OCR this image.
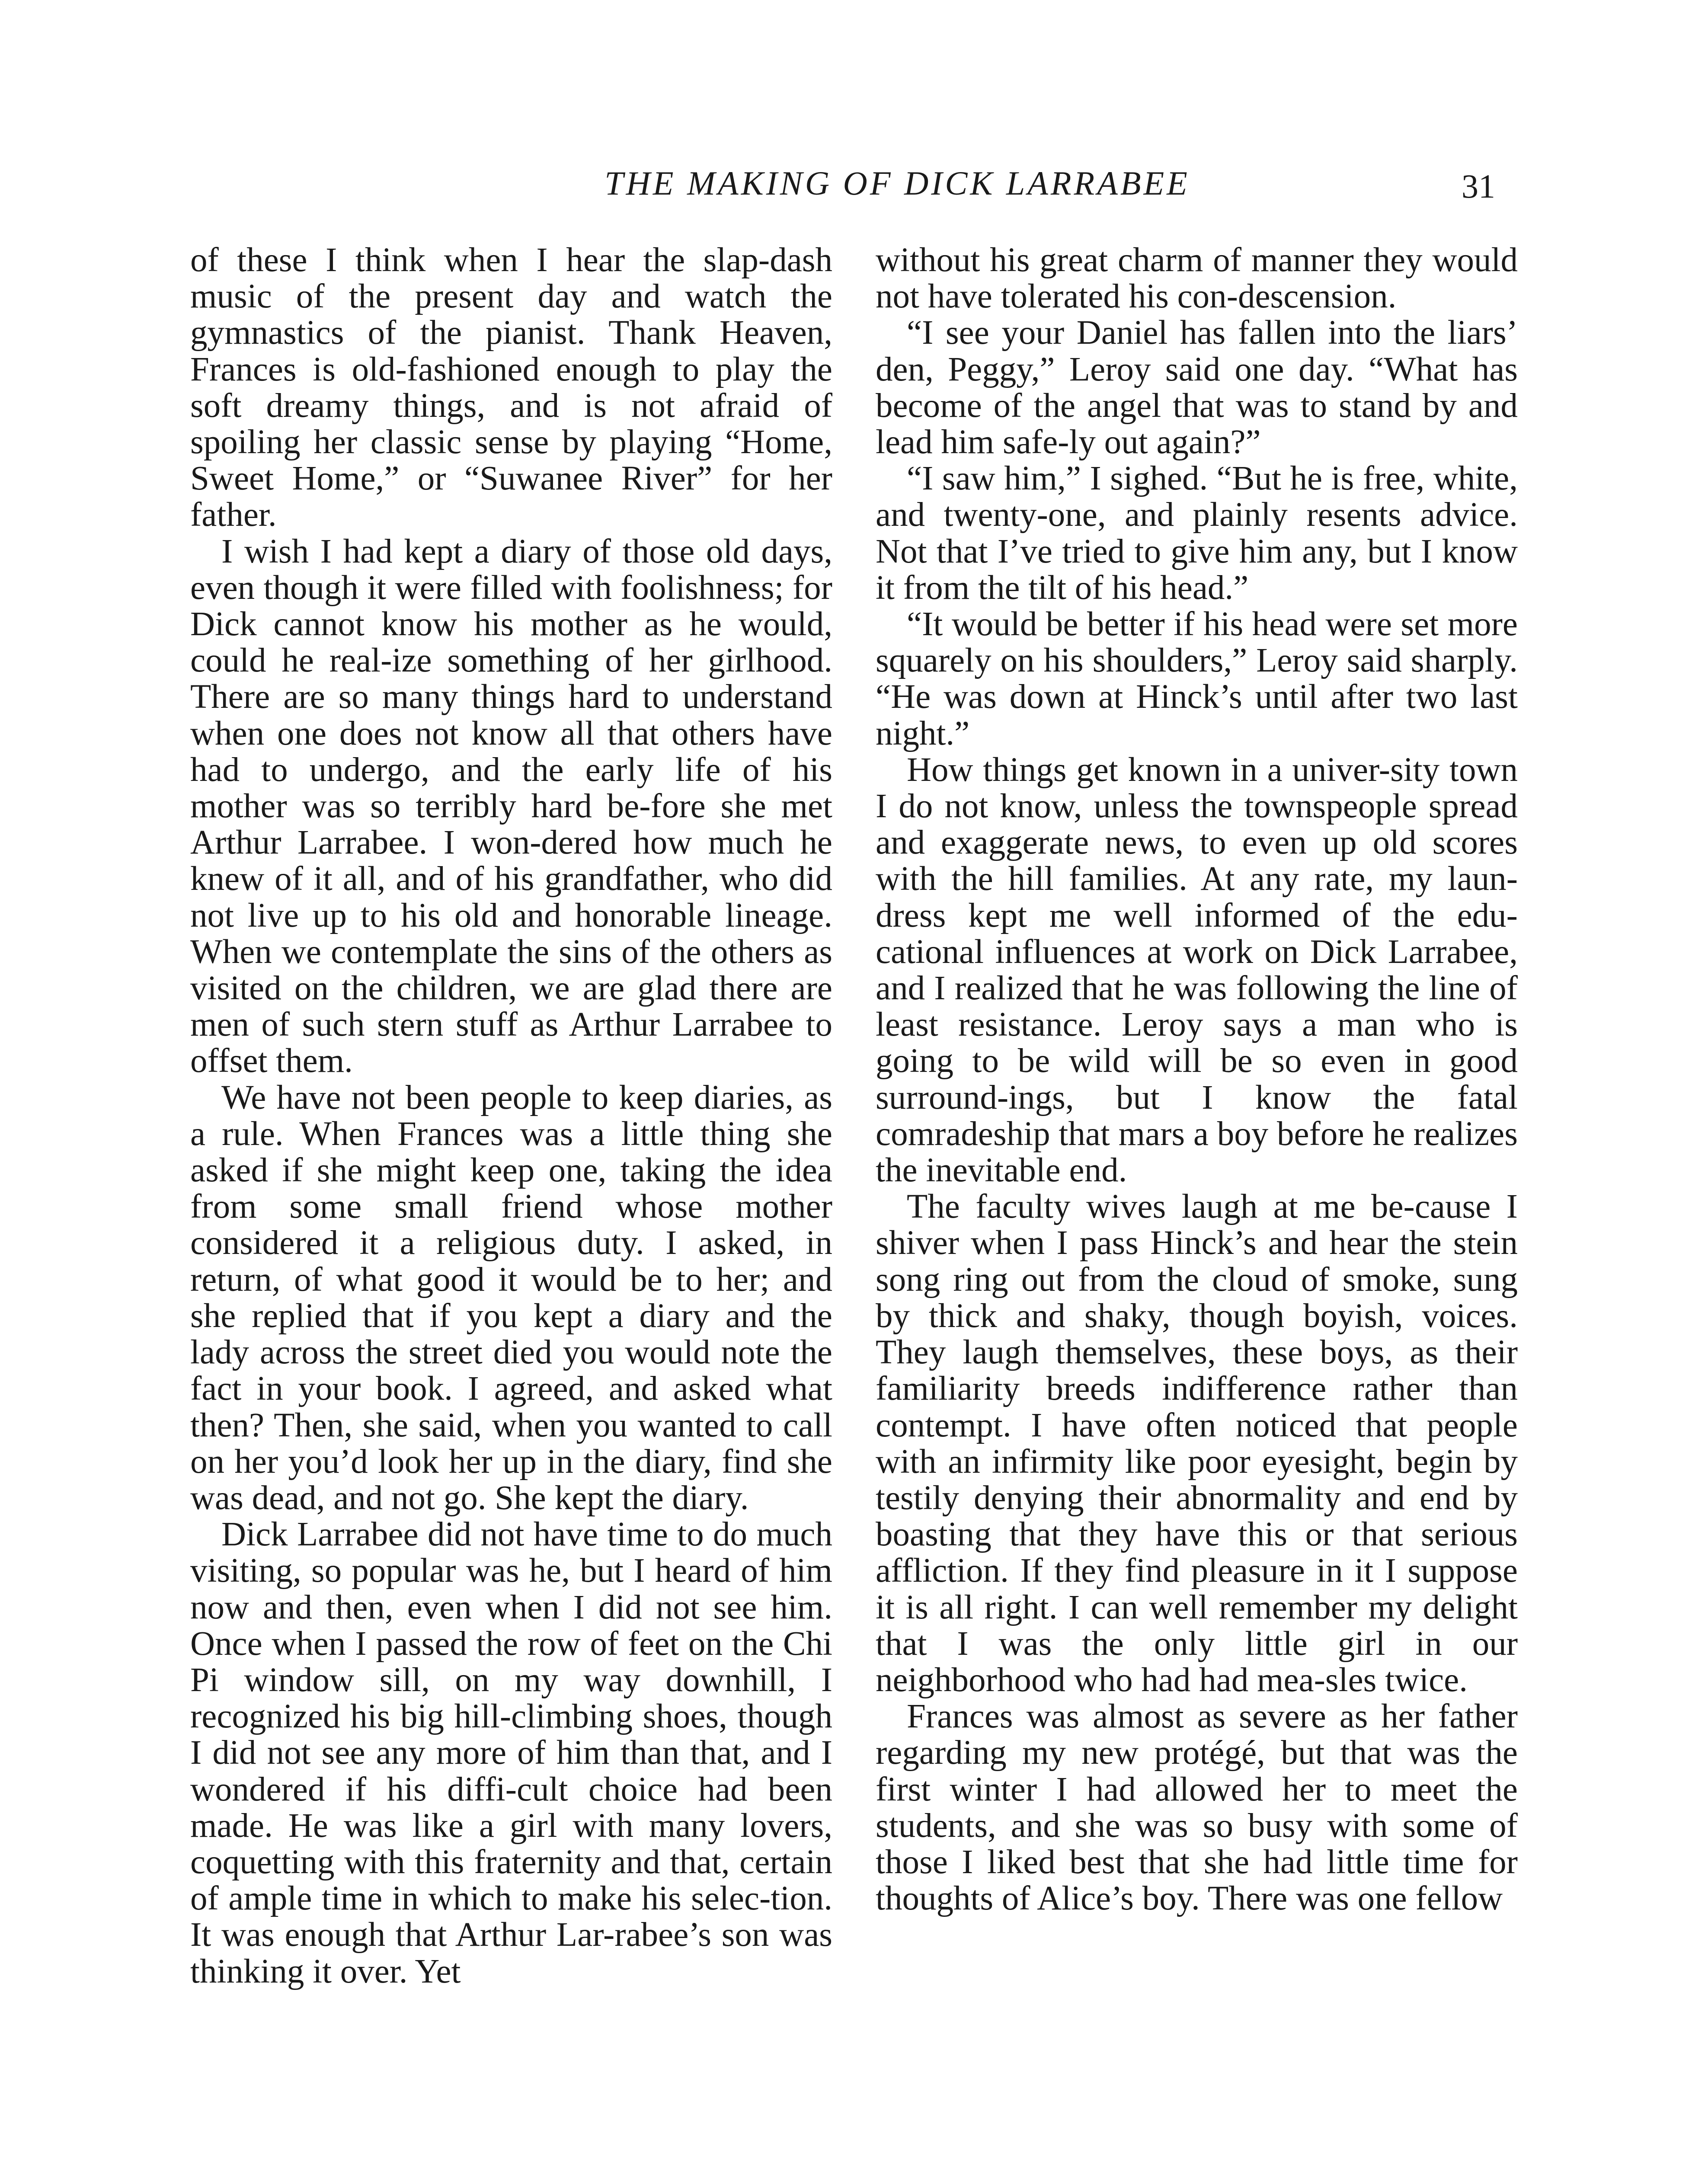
THE MAKING OF DICK LARRABEE	31

of these I think when I hear the slap-dash music of the present day and watch the gymnastics of the pianist. Thank Heaven, Frances is old-fashioned enough to play the soft dreamy things, and is not afraid of spoiling her classic sense by playing “Home, Sweet Home,” or “Suwanee River” for her father.

I wish I had kept a diary of those old days, even though it were filled with foolishness; for Dick cannot know his mother as he would, could he real-ize something of her girlhood. There are so many things hard to understand when one does not know all that others have had to undergo, and the early life of his mother was so terribly hard be-fore she met Arthur Larrabee. I won-dered how much he knew of it all, and of his grandfather, who did not live up to his old and honorable lineage. When we contemplate the sins of the others as visited on the children, we are glad there are men of such stern stuff as Arthur Larrabee to offset them.

We have not been people to keep diaries, as a rule. When Frances was a little thing she asked if she might keep one, taking the idea from some small friend whose mother considered it a religious duty. I asked, in return, of what good it would be to her; and she replied that if you kept a diary and the lady across the street died you would note the fact in your book. I agreed, and asked what then? Then, she said, when you wanted to call on her you’d look her up in the diary, find she was dead, and not go. She kept the diary.

Dick Larrabee did not have time to do much visiting, so popular was he, but I heard of him now and then, even when I did not see him. Once when I passed the row of feet on the Chi Pi window sill, on my way downhill, I recognized his big hill-climbing shoes, though I did not see any more of him than that, and I wondered if his diffi-cult choice had been made. He was like a girl with many lovers, coquetting with this fraternity and that, certain of ample time in which to make his selec-tion. It was enough that Arthur Lar-rabee’s son was thinking it over. Yet

without his great charm of manner they would not have tolerated his con-descension.

“I see your Daniel has fallen into the liars’ den, Peggy,” Leroy said one day. “What has become of the angel that was to stand by and lead him safe-ly out again?”

“I saw him,” I sighed. “But he is free, white, and twenty-one, and plainly resents advice. Not that I’ve tried to give him any, but I know it from the tilt of his head.”

“It would be better if his head were set more squarely on his shoulders,” Leroy said sharply. “He was down at Hinck’s until after two last night.”

How things get known in a univer-sity town I do not know, unless the townspeople spread and exaggerate news, to even up old scores with the hill families. At any rate, my laun-dress kept me well informed of the edu-cational influences at work on Dick Larrabee, and I realized that he was following the line of least resistance. Leroy says a man who is going to be wild will be so even in good surround-ings, but I know the fatal comradeship that mars a boy before he realizes the inevitable end.

The faculty wives laugh at me be-cause I shiver when I pass Hinck’s and hear the stein song ring out from the cloud of smoke, sung by thick and shaky, though boyish, voices. They laugh themselves, these boys, as their familiarity breeds indifference rather than contempt. I have often noticed that people with an infirmity like poor eyesight, begin by testily denying their abnormality and end by boasting that they have this or that serious affliction. If they find pleasure in it I suppose it is all right. I can well remember my delight that I was the only little girl in our neighborhood who had had mea-sles twice.

Frances was almost as severe as her father regarding my new protégé, but that was the first winter I had allowed her to meet the students, and she was so busy with some of those I liked best that she had little time for thoughts of Alice’s boy. There was one fellow
